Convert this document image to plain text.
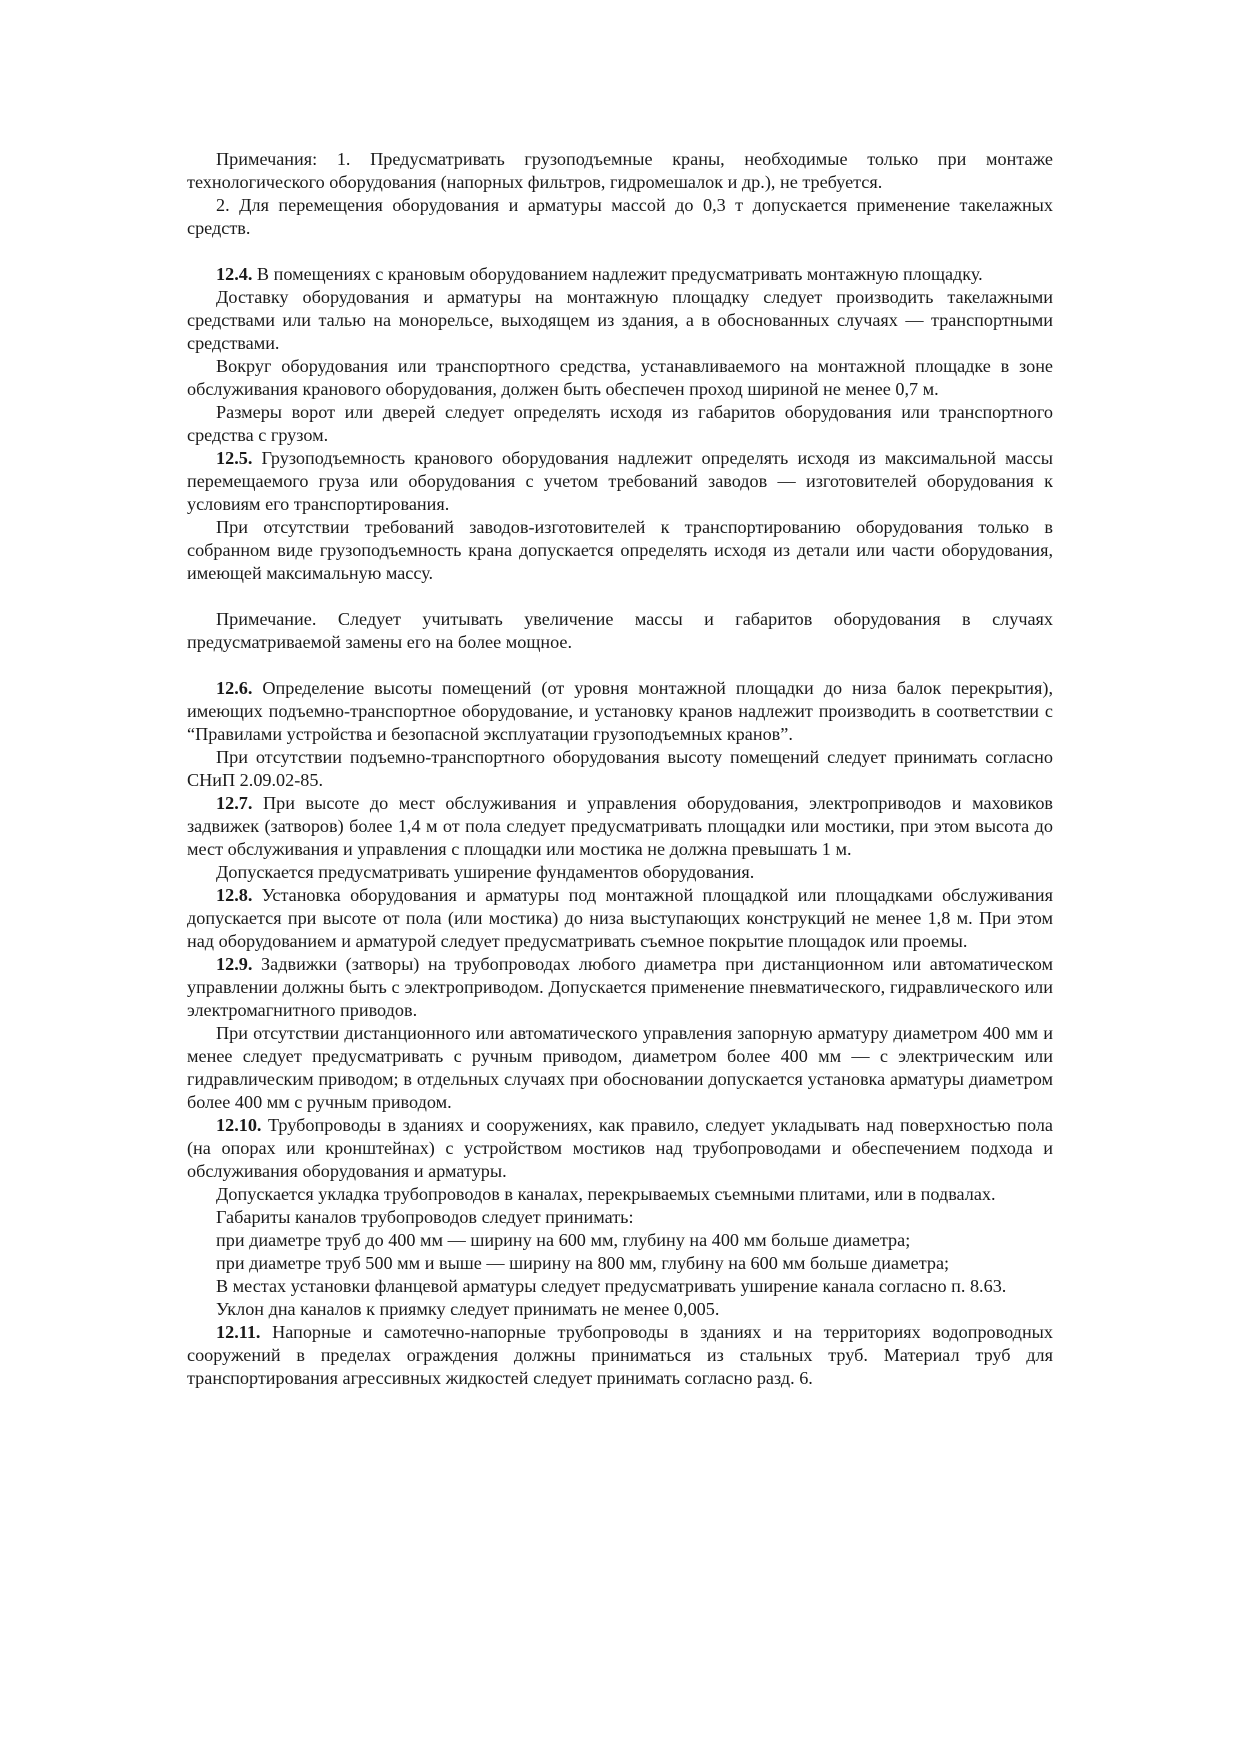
Примечания: 1. Предусматривать грузоподъемные краны, необходимые только при монтаже технологического оборудования (напорных фильтров, гидромешалок и др.), не требуется.

2. Для перемещения оборудования и арматуры массой до 0,3 т допускается применение такелажных средств.

12.4. В помещениях с крановым оборудованием надлежит предусматривать монтажную площадку.

Доставку оборудования и арматуры на монтажную площадку следует производить такелажными средствами или талью на монорельсе, выходящем из здания, а в обоснованных случаях — транспортными средствами.

Вокруг оборудования или транспортного средства, устанавливаемого на монтажной площадке в зоне обслуживания кранового оборудования, должен быть обеспечен проход шириной не менее 0,7 м.

Размеры ворот или дверей следует определять исходя из габаритов оборудования или транспортного средства с грузом.

12.5. Грузоподъемность кранового оборудования надлежит определять исходя из максимальной массы перемещаемого груза или оборудования с учетом требований заводов — изготовителей оборудования к условиям его транспортирования.

При отсутствии требований заводов-изготовителей к транспортированию оборудования только в собранном виде грузоподъемность крана допускается определять исходя из детали или части оборудования, имеющей максимальную массу.

Примечание. Следует учитывать увеличение массы и габаритов оборудования в случаях предусматриваемой замены его на более мощное.

12.6. Определение высоты помещений (от уровня монтажной площадки до низа балок перекрытия), имеющих подъемно-транспортное оборудование, и установку кранов надлежит производить в соответствии с “Правилами устройства и безопасной эксплуатации грузоподъемных кранов”.

При отсутствии подъемно-транспортного оборудования высоту помещений следует принимать согласно СНиП 2.09.02-85.

12.7. При высоте до мест обслуживания и управления оборудования, электроприводов и маховиков задвижек (затворов) более 1,4 м от пола следует предусматривать площадки или мостики, при этом высота до мест обслуживания и управления с площадки или мостика не должна превышать 1 м.

Допускается предусматривать уширение фундаментов оборудования.

12.8. Установка оборудования и арматуры под монтажной площадкой или площадками обслуживания допускается при высоте от пола (или мостика) до низа выступающих конструкций не менее 1,8 м. При этом над оборудованием и арматурой следует предусматривать съемное покрытие площадок или проемы.

12.9. Задвижки (затворы) на трубопроводах любого диаметра при дистанционном или автоматическом управлении должны быть с электроприводом. Допускается применение пневматического, гидравлического или электромагнитного приводов.

При отсутствии дистанционного или автоматического управления запорную арматуру диаметром 400 мм и менее следует предусматривать с ручным приводом, диаметром более 400 мм — с электрическим или гидравлическим приводом; в отдельных случаях при обосновании допускается установка арматуры диаметром более 400 мм с ручным приводом.

12.10. Трубопроводы в зданиях и сооружениях, как правило, следует укладывать над поверхностью пола (на опорах или кронштейнах) с устройством мостиков над трубопроводами и обеспечением подхода и обслуживания оборудования и арматуры.

Допускается укладка трубопроводов в каналах, перекрываемых съемными плитами, или в подвалах.

Габариты каналов трубопроводов следует принимать:

при диаметре труб до 400 мм — ширину на 600 мм, глубину на 400 мм больше диаметра;

при диаметре труб 500 мм и выше — ширину на 800 мм, глубину на 600 мм больше диаметра;

В местах установки фланцевой арматуры следует предусматривать уширение канала согласно п. 8.63.

Уклон дна каналов к приямку следует принимать не менее 0,005.

12.11. Напорные и самотечно-напорные трубопроводы в зданиях и на территориях водопроводных сооружений в пределах ограждения должны приниматься из стальных труб. Материал труб для транспортирования агрессивных жидкостей следует принимать согласно разд. 6.
